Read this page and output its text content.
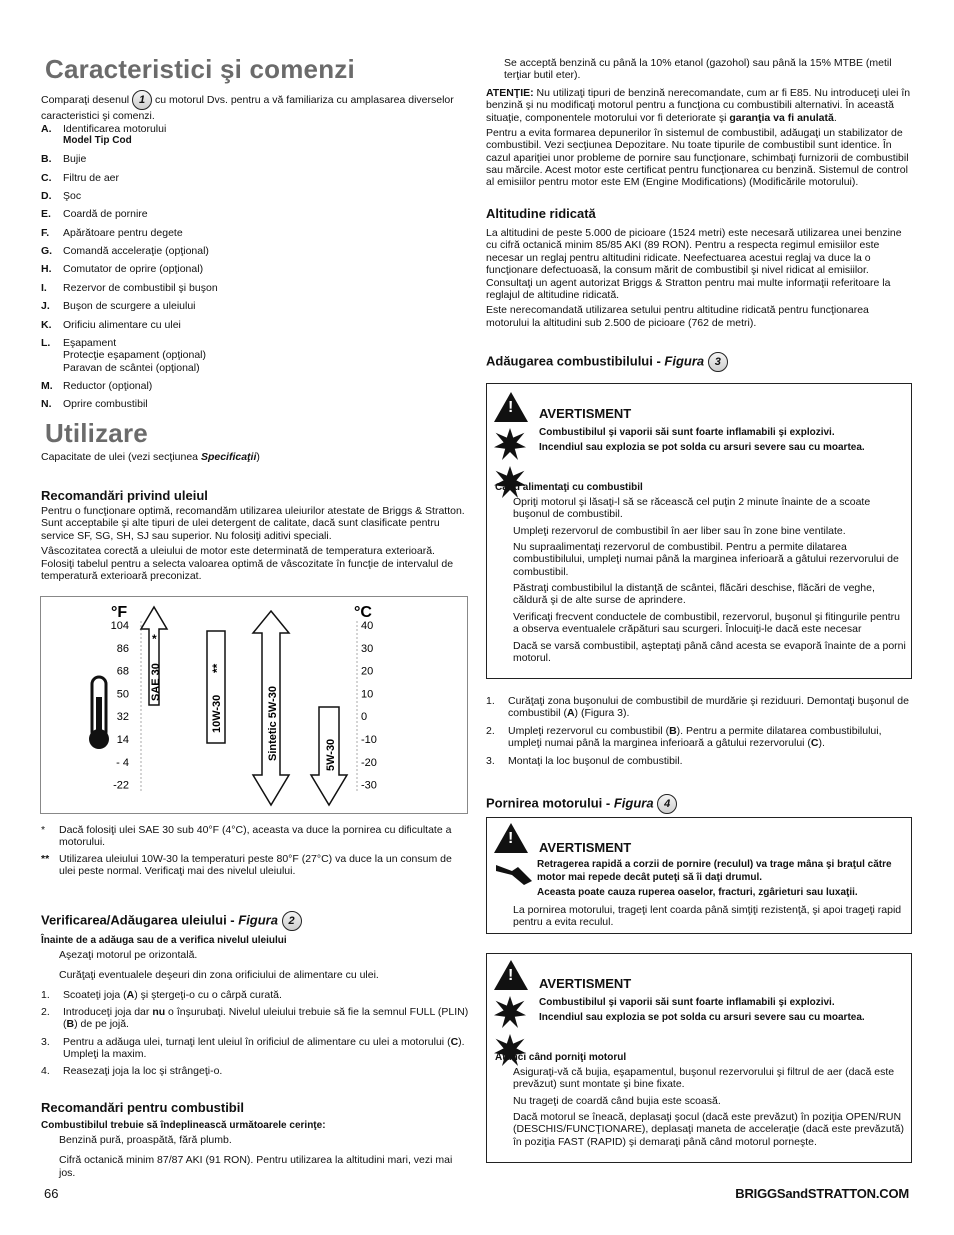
Caracteristici şi comenzi
Comparaţi desenul 1 cu motorul Dvs. pentru a vă familiariza cu amplasarea diverselor caracteristici şi comenzi.
A.	Identificarea motorului
Model Tip Cod
B.	Bujie
C.	Filtru de aer
D.	Şoc
E.	Coardă de pornire
F.	Apărătoare pentru degete
G.	Comandă acceleraţie (opţional)
H.	Comutator de oprire (opţional)
I.	Rezervor de combustibil şi buşon
J.	Buşon de scurgere a uleiului
K.	Orificiu alimentare cu ulei
L.	Eşapament
Protecţie eşapament (opţional)
Paravan de scântei (opţional)
M. Reductor (opţional)
N.	Oprire combustibil
Utilizare
Capacitate de ulei (vezi secţiunea Specificaţii)
Recomandări privind uleiul

Pentru o funcţionare optimă, recomandăm utilizarea uleiurilor atestate de Briggs & Stratton. Sunt acceptabile şi alte tipuri de ulei detergent de calitate, dacă sunt clasificate pentru service SF, SG, SH, SJ sau superior. Nu folosiţi aditivi speciali.

Vâscozitatea corectă a uleiului de motor este determinată de temperatura exterioară. Folosiţi tabelul pentru a selecta valoarea optimă de vâscozitate în funcţie de intervalul de temperatură exterioară preconizat.

°F	°C
104
86
68
50
32
14
- 4
-22
40
30
20
10
0
-10
-20
-30
SAE 30
*
10W-30
**
Sintetic 5W-30	5W-30
*	Dacă folosiţi ulei SAE 30 sub 40°F (4°C), aceasta va duce la pornirea cu dificultate a motorului.
** Utilizarea uleiului 10W-30 la temperaturi peste 80°F (27°C) va duce la un consum de ulei peste normal. Verificaţi mai des nivelul uleiului.
Verificarea/Adăugarea uleiului - Figura 2

Înainte de a adăuga sau de a verifica nivelul uleiului

Aşezaţi motorul pe orizontală.

Curăţaţi eventualele deşeuri din zona orificiului de alimentare cu ulei.

1.	Scoateţi joja (A) şi ştergeţi-o cu o cârpă curată.
2.	Introduceţi joja dar nu o înşurubaţi. Nivelul uleiului trebuie să fie la semnul FULL (PLIN) (B) de pe jojă.
3.	Pentru a adăuga ulei, turnaţi lent uleiul în orificiul de alimentare cu ulei a motorului (C). Umpleţi la maxim.
4.	Reasezaţi joja la loc şi strângeţi-o.
Recomandări pentru combustibil

Combustibilul trebuie să îndeplinească următoarele cerinţe:

Benzină pură, proaspătă, fără plumb.

Cifră octanică minim 87/87 AKI (91 RON). Pentru utilizarea la altitudini mari, vezi mai jos.

Se acceptă benzină cu până la 10% etanol (gazohol) sau până la 15% MTBE (metil terţiar butil eter).

ATENŢIE: Nu utilizaţi tipuri de benzină nerecomandate, cum ar fi E85. Nu introduceţi ulei în benzină şi nu modificaţi motorul pentru a funcţiona cu combustibili alternativi. În această situaţie, componentele motorului vor fi deteriorate şi garanţia va fi anulată.

Pentru a evita formarea depunerilor în sistemul de combustibil, adăugaţi un stabilizator de combustibil. Vezi secţiunea Depozitare. Nu toate tipurile de combustibil sunt identice. În cazul apariţiei unor probleme de pornire sau funcţionare, schimbaţi furnizorii de combustibil sau mărcile. Acest motor este certificat pentru funcţionarea cu benzină. Sistemul de control al emisiilor pentru motor este EM (Engine Modifications) (Modificările motorului).

Altitudine ridicată

La altitudini de peste 5.000 de picioare (1524 metri) este necesară utilizarea unei benzine cu cifră octanică minim 85/85 AKI (89 RON). Pentru a respecta regimul emisiilor este necesar un reglaj pentru altitudini ridicate. Neefectuarea acestui reglaj va duce la o funcţionare defectuoasă, la consum mărit de combustibil şi nivel ridicat al emisiilor. Consultaţi un agent autorizat Briggs & Stratton pentru mai multe informaţii referitoare la reglajul de altitudine ridicată.

Este nerecomandată utilizarea setului pentru altitudine ridicată pentru funcţionarea motorului la altitudini sub 2.500 de picioare (762 de metri).

Adăugarea combustibilului - Figura 3
! AVERTISMENT
Combustibilul şi vaporii săi sunt foarte inflamabili şi explozivi.
Incendiul sau explozia se pot solda cu arsuri severe sau cu moartea.

Când alimentaţi cu combustibil

Opriţi motorul şi lăsaţi-l să se răcească cel puţin 2 minute înainte de a scoate buşonul de combustibil.

Umpleţi rezervorul de combustibil în aer liber sau în zone bine ventilate.

Nu supraalimentaţi rezervorul de combustibil. Pentru a permite dilatarea combustibilului, umpleţi numai până la marginea inferioară a gâtului rezervorului de combustibil.

Păstraţi combustibilul la distanţă de scântei, flăcări deschise, flăcări de veghe, căldură şi de alte surse de aprindere.

Verificaţi frecvent conductele de combustibil, rezervorul, buşonul şi fitingurile pentru a observa eventualele crăpături sau scurgeri. Înlocuiţi-le dacă este necesar

Dacă se varsă combustibil, aşteptaţi până când acesta se evaporă înainte de a porni motorul.

1.	Curăţaţi zona buşonului de combustibil de murdărie şi reziduuri. Demontaţi buşonul de combustibil (A) (Figura 3).
2.	Umpleţi rezervorul cu combustibil (B). Pentru a permite dilatarea combustibilului, umpleţi numai până la marginea inferioară a gâtului rezervorului (C).
3.	Montaţi la loc buşonul de combustibil.
Pornirea motorului - Figura 4
!
AVERTISMENT
Retragerea rapidă a corzii de pornire (reculul) va trage mâna şi braţul către motor mai repede decât puteţi să îi daţi drumul.
Aceasta poate cauza ruperea oaselor, fracturi, zgârieturi sau luxaţii.

La pornirea motorului, trageţi lent coarda până simţiţi rezistenţă, şi apoi trageţi rapid pentru a evita reculul.

! AVERTISMENT
Combustibilul şi vaporii săi sunt foarte inflamabili şi explozivi.
Incendiul sau explozia se pot solda cu arsuri severe sau cu moartea.

Atunci când porniţi motorul

Asiguraţi-vă că bujia, eşapamentul, buşonul rezervorului şi filtrul de aer (dacă este prevăzut) sunt montate şi bine fixate.

Nu trageţi de coardă când bujia este scoasă.

Dacă motorul se îneacă, deplasaţi şocul (dacă este prevăzut) în poziţia OPEN/RUN (DESCHIS/FUNCŢIONARE), deplasaţi maneta de acceleraţie (dacă este prevăzută) în poziţia FAST (RAPID) şi demaraţi până când motorul porneşte.

66	BRIGGSandSTRATTON.COM
